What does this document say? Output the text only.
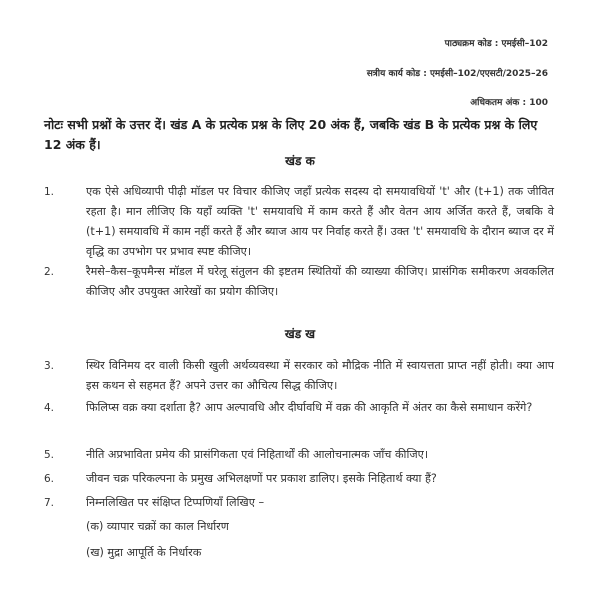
पाठ्यक्रम कोड : एमईसी–102
सत्रीय कार्य कोड : एमईसी–102/एएसटी/2025–26
अधिकतम अंक : 100
नोटः सभी प्रश्नों के उत्तर दें। खंड A के प्रत्येक प्रश्न के लिए 20 अंक हैं, जबकि खंड B के प्रत्येक प्रश्न के लिए 12 अंक हैं।
खंड क
1.	एक ऐसे अधिव्यापी पीढ़ी मॉडल पर विचार कीजिए जहाँ प्रत्येक सदस्य दो समयावधियों 't' और (t+1) तक जीवित रहता है। मान लीजिए कि यहाँ व्यक्ति 't' समयावधि में काम करते हैं और वेतन आय अर्जित करते हैं, जबकि वे (t+1) समयावधि में काम नहीं करते हैं और ब्याज आय पर निर्वाह करते हैं। उक्त 't' समयावधि के दौरान ब्याज दर में वृद्धि का उपभोग पर प्रभाव स्पष्ट कीजिए।
2.	रैमसे–कैस–कूपमैन्स मॉडल में घरेलू संतुलन की इष्टतम स्थितियों की व्याख्या कीजिए। प्रासंगिक समीकरण अवकलित कीजिए और उपयुक्त आरेखों का प्रयोग कीजिए।
खंड ख
3.	स्थिर विनिमय दर वाली किसी खुली अर्थव्यवस्था में सरकार को मौद्रिक नीति में स्वायत्तता प्राप्त नहीं होती। क्या आप इस कथन से सहमत हैं? अपने उत्तर का औचित्य सिद्ध कीजिए।
4.	फिलिप्स वक्र क्या दर्शाता है? आप अल्पावधि और दीर्घावधि में वक्र की आकृति में अंतर का कैसे समाधान करेंगे?
5.	नीति अप्रभाविता प्रमेय की प्रासंगिकता एवं निहितार्थों की आलोचनात्मक जाँच कीजिए।
6.	जीवन चक्र परिकल्पना के प्रमुख अभिलक्षणों पर प्रकाश डालिए। इसके निहितार्थ क्या हैं?
7.	निम्नलिखित पर संक्षिप्त टिप्पणियाँ लिखिए –
(क) व्यापार चक्रों का काल निर्धारण
(ख) मुद्रा आपूर्ति के निर्धारक
